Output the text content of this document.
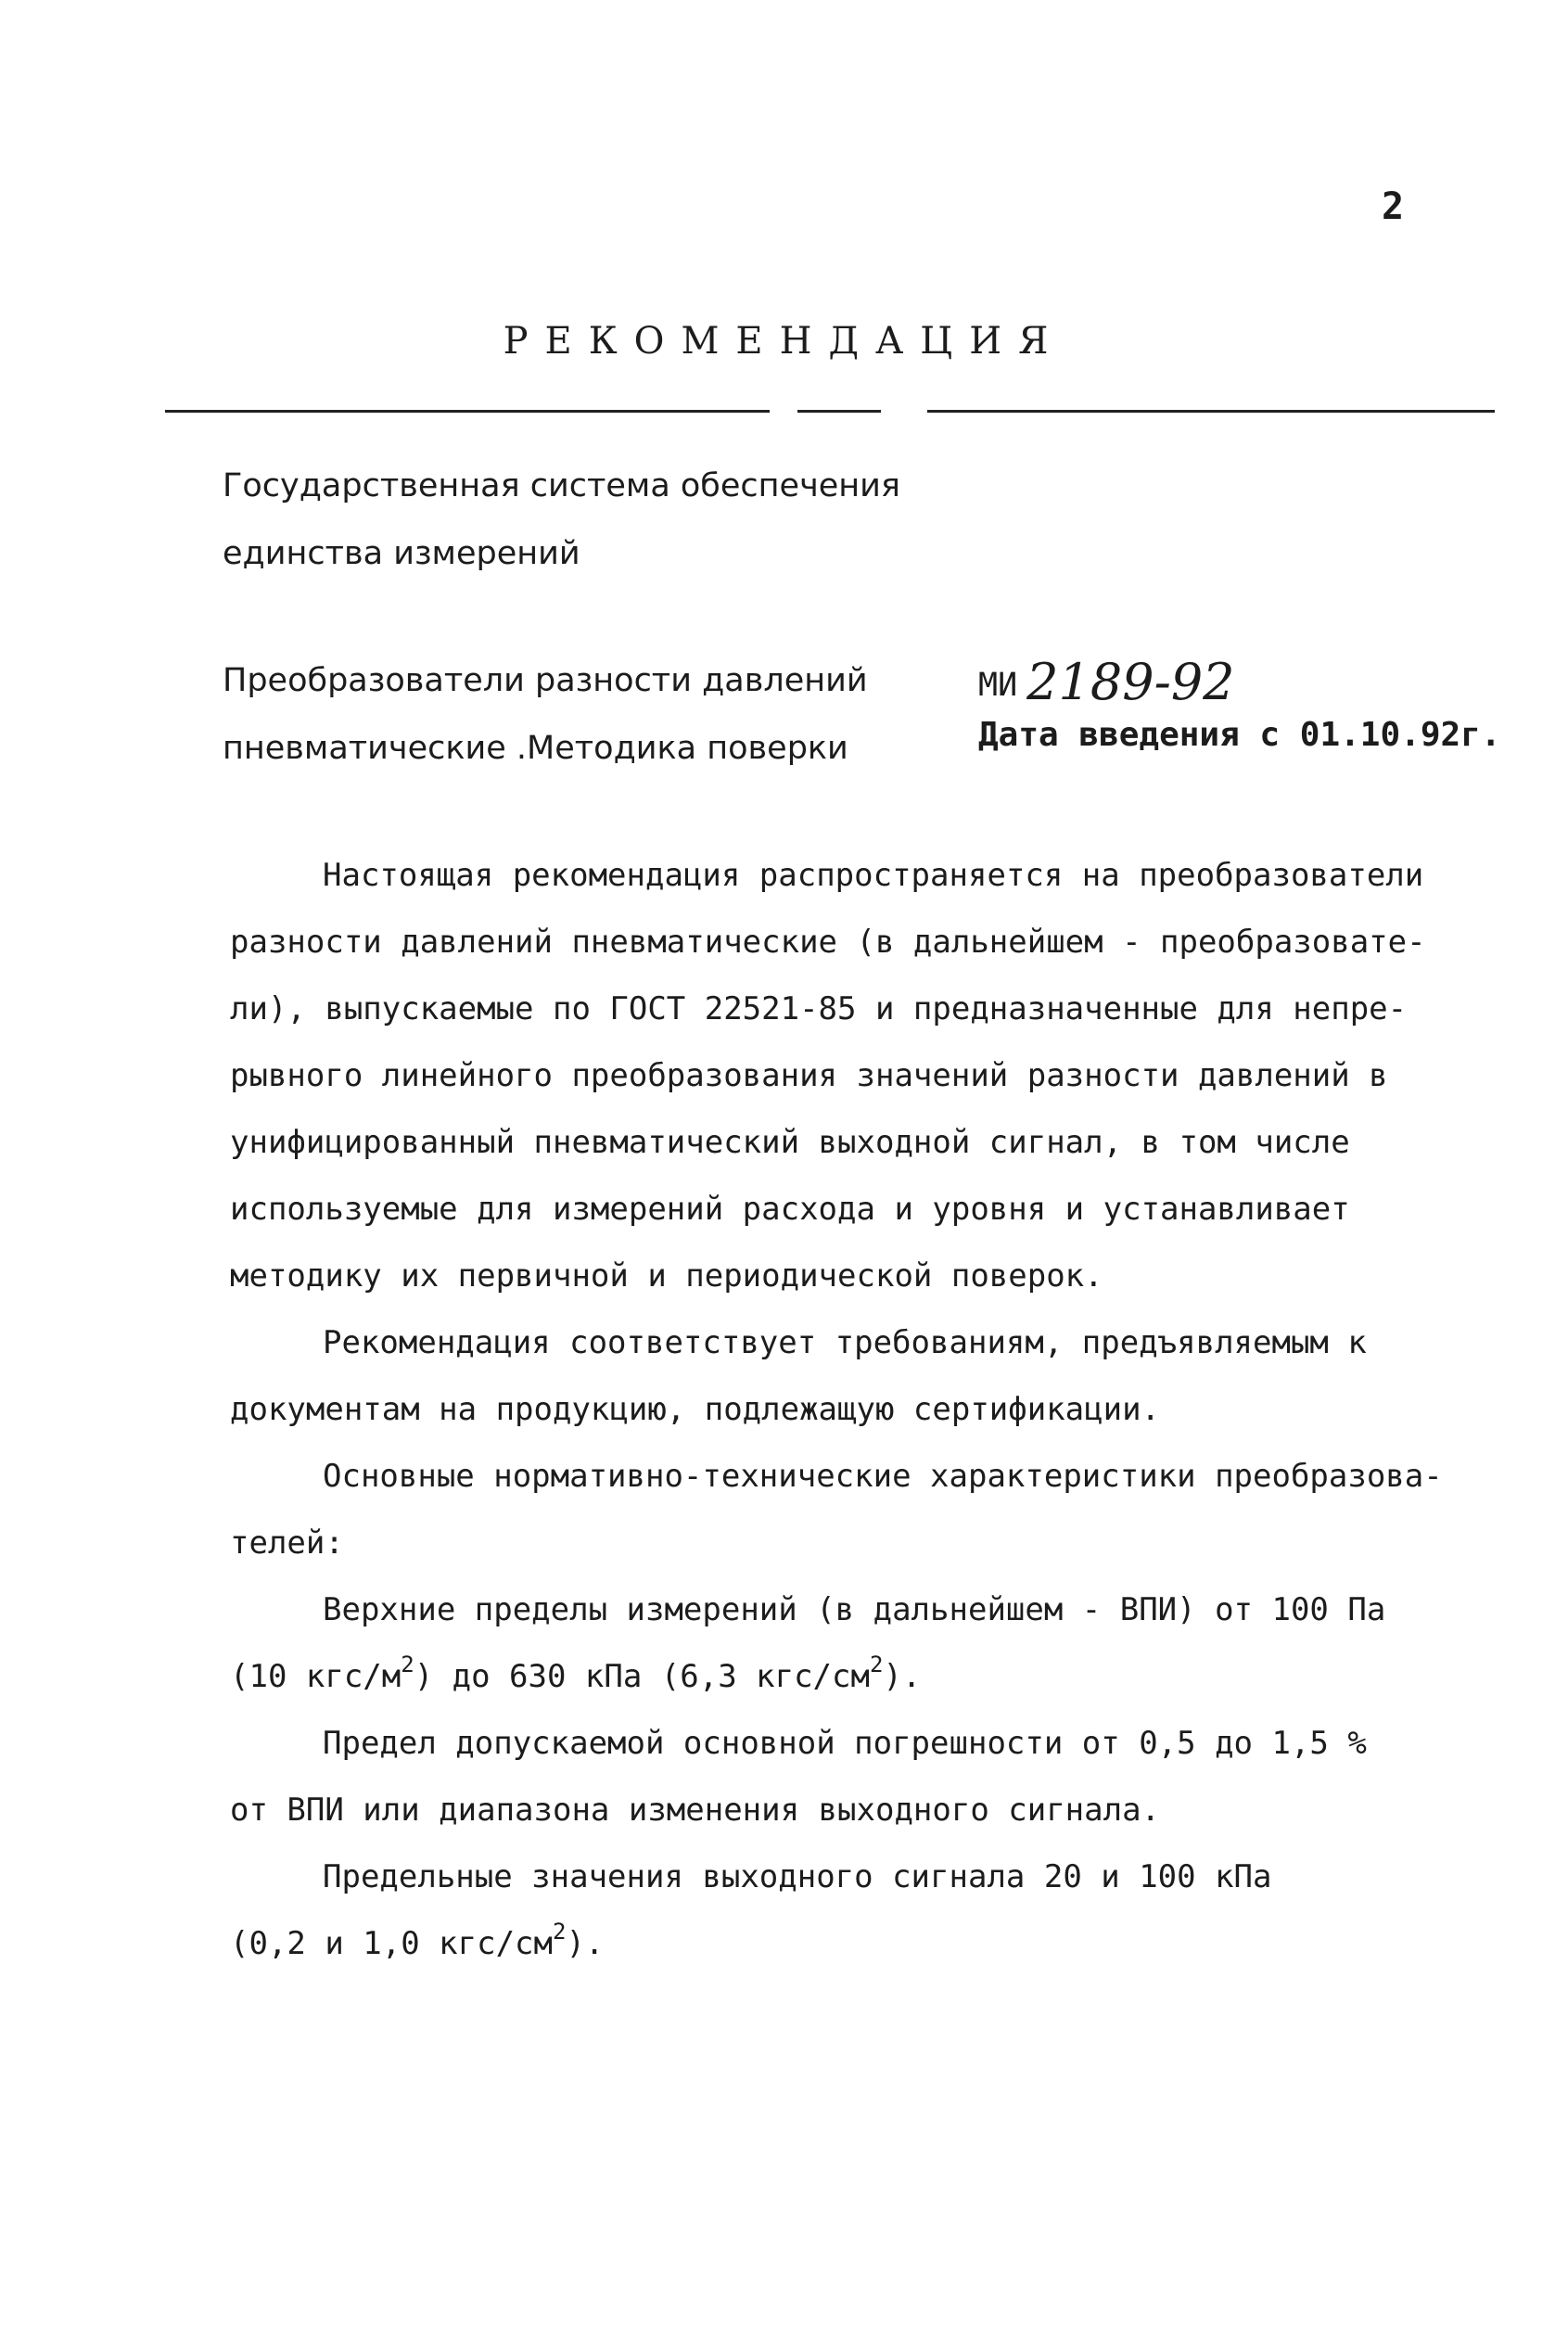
2
РЕКОМЕНДАЦИЯ
Государственная система обеспечения
единства измерений
Преобразователи разности давлений
пневматические .Методика поверки
МИ 2189-92
Дата введения с 01.10.92г.
Настоящая рекомендация распространяется на преобразователи
разности давлений пневматические (в дальнейшем - преобразовате-
ли), выпускаемые по ГОСТ 22521-85 и предназначенные для непре-
рывного линейного преобразования значений разности давлений в
унифицированный пневматический выходной сигнал, в том числе
используемые для измерений расхода и уровня и устанавливает
методику их первичной и периодической поверок.
Рекомендация соответствует требованиям, предъявляемым к
документам на продукцию, подлежащую сертификации.
Основные нормативно-технические характеристики преобразова-
телей:
Верхние пределы измерений (в дальнейшем - ВПИ) от 100 Па
(10 кгс/$м^2$) до 630 кПа (6,3 кгс/$см^2$).
Предел допускаемой основной погрешности от 0,5 до 1,5 %
от ВПИ или диапазона изменения выходного сигнала.
Предельные значения выходного сигнала 20 и 100 кПа
(0,2 и 1,0 кгс/$см^2$).
